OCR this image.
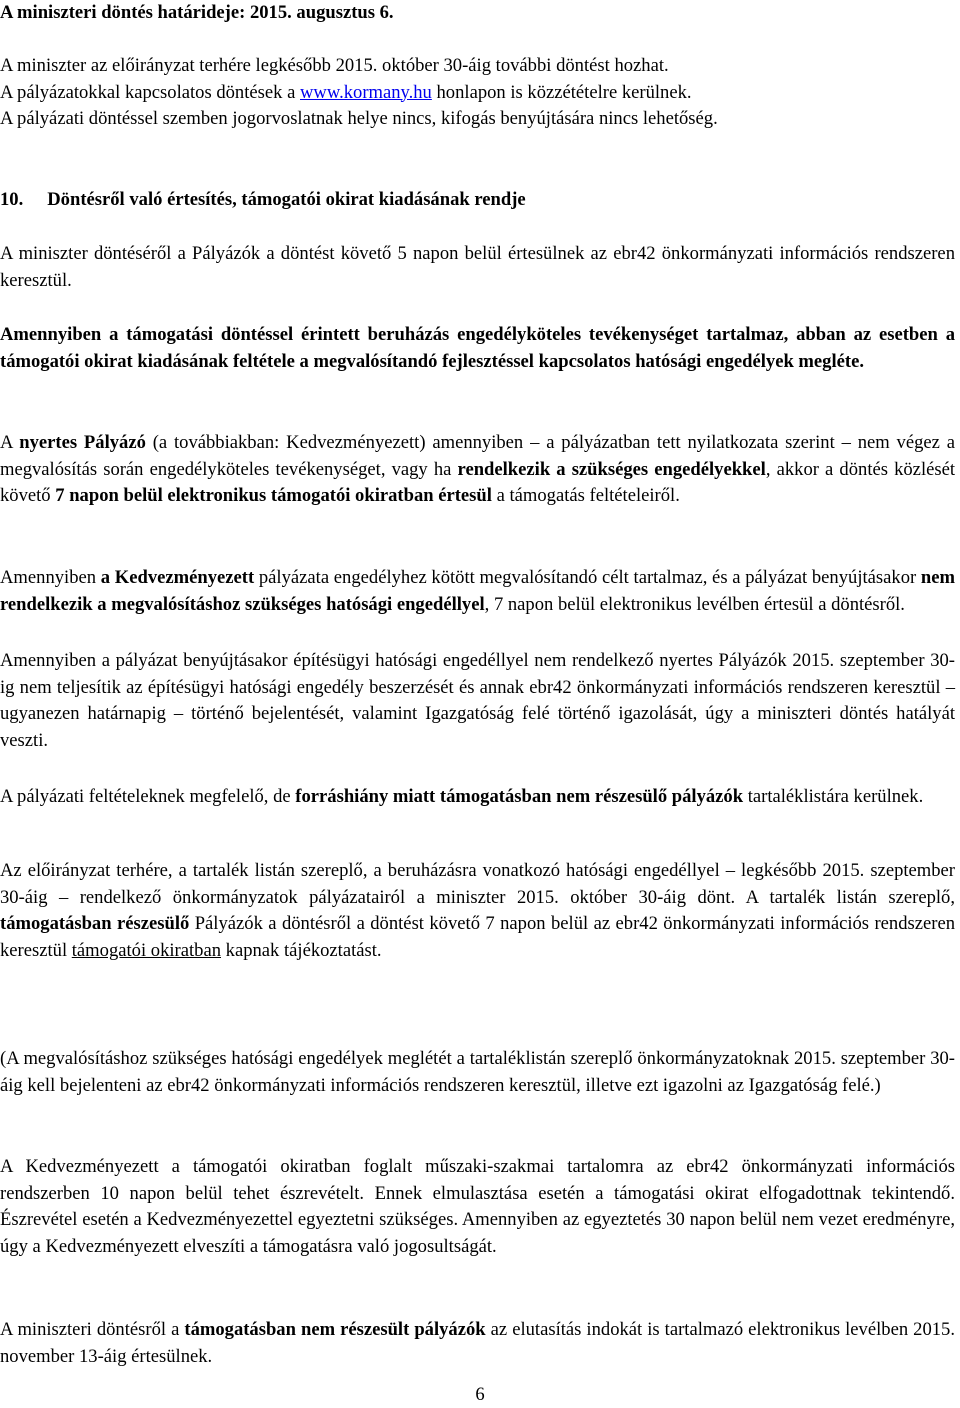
A miniszteri döntés határideje: 2015. augusztus 6.

A miniszter az előirányzat terhére legkésőbb 2015. október 30-áig további döntést hozhat.
A pályázatokkal kapcsolatos döntések a www.kormany.hu honlapon is közzétételre kerülnek.
A pályázati döntéssel szemben jogorvoslatnak helye nincs, kifogás benyújtására nincs lehetőség.
10. Döntésről való értesítés, támogatói okirat kiadásának rendje

A miniszter döntéséről a Pályázók a döntést követő 5 napon belül értesülnek az ebr42 önkormányzati információs rendszeren keresztül.

Amennyiben a támogatási döntéssel érintett beruházás engedélyköteles tevékenységet tartalmaz, abban az esetben a támogatói okirat kiadásának feltétele a megvalósítandó fejlesztéssel kapcsolatos hatósági engedélyek megléte.

A nyertes Pályázó (a továbbiakban: Kedvezményezett) amennyiben – a pályázatban tett nyilatkozata szerint – nem végez a megvalósítás során engedélyköteles tevékenységet, vagy ha rendelkezik a szükséges engedélyekkel, akkor a döntés közlését követő 7 napon belül elektronikus támogatói okiratban értesül a támogatás feltételeiről.

Amennyiben a Kedvezményezett pályázata engedélyhez kötött megvalósítandó célt tartalmaz, és a pályázat benyújtásakor nem rendelkezik a megvalósításhoz szükséges hatósági engedéllyel, 7 napon belül elektronikus levélben értesül a döntésről.

Amennyiben a pályázat benyújtásakor építésügyi hatósági engedéllyel nem rendelkező nyertes Pályázók 2015. szeptember 30-ig nem teljesítik az építésügyi hatósági engedély beszerzését és annak ebr42 önkormányzati információs rendszeren keresztül – ugyanezen határnapig – történő bejelentését, valamint Igazgatóság felé történő igazolását, úgy a miniszteri döntés hatályát veszti.

A pályázati feltételeknek megfelelő, de forráshiány miatt támogatásban nem részesülő pályázók tartaléklistára kerülnek.

Az előirányzat terhére, a tartalék listán szereplő, a beruházásra vonatkozó hatósági engedéllyel – legkésőbb 2015. szeptember 30-áig – rendelkező önkormányzatok pályázatairól a miniszter 2015. október 30-áig dönt. A tartalék listán szereplő, támogatásban részesülő Pályázók a döntésről a döntést követő 7 napon belül az ebr42 önkormányzati információs rendszeren keresztül támogatói okiratban kapnak tájékoztatást.

(A megvalósításhoz szükséges hatósági engedélyek meglétét a tartaléklistán szereplő önkormányzatoknak 2015. szeptember 30-áig kell bejelenteni az ebr42 önkormányzati információs rendszeren keresztül, illetve ezt igazolni az Igazgatóság felé.)

A Kedvezményezett a támogatói okiratban foglalt műszaki-szakmai tartalomra az ebr42 önkormányzati információs rendszerben 10 napon belül tehet észrevételt. Ennek elmulasztása esetén a támogatási okirat elfogadottnak tekintendő. Észrevétel esetén a Kedvezményezettel egyeztetni szükséges. Amennyiben az egyeztetés 30 napon belül nem vezet eredményre, úgy a Kedvezményezett elveszíti a támogatásra való jogosultságát.

A miniszteri döntésről a támogatásban nem részesült pályázók az elutasítás indokát is tartalmazó elektronikus levélben 2015. november 13-áig értesülnek.

6
